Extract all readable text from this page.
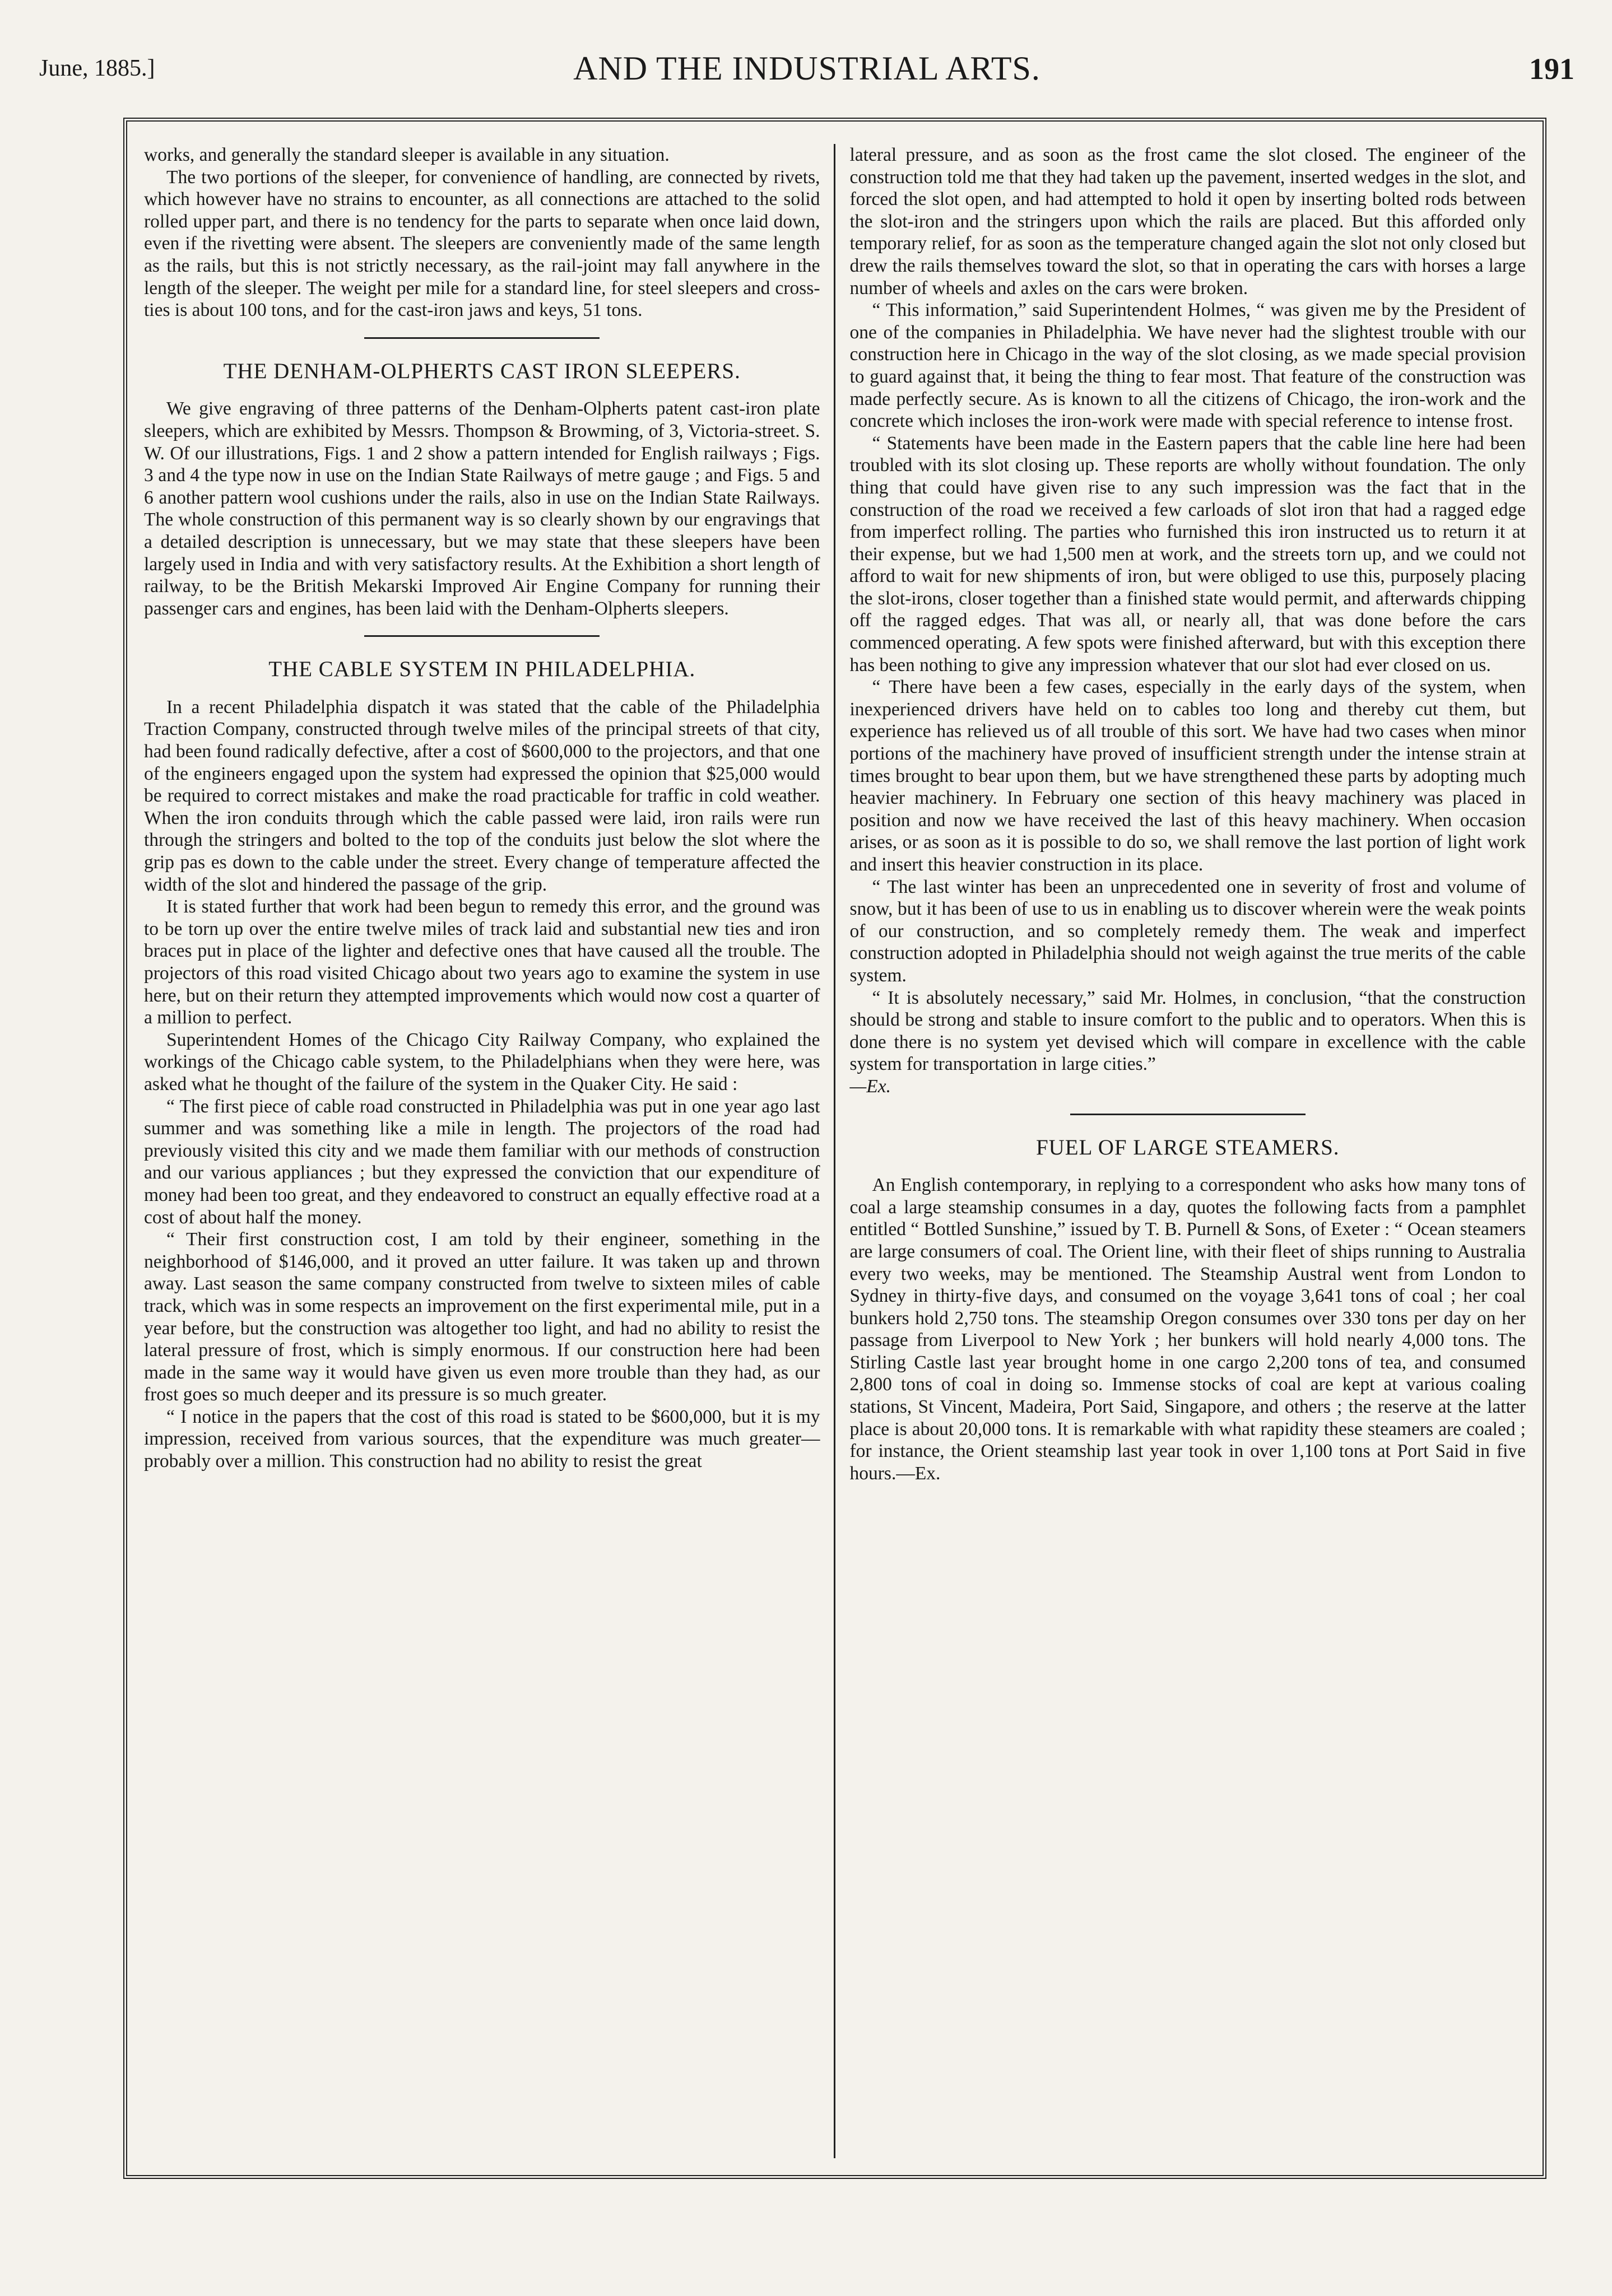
June, 1885.]	AND THE INDUSTRIAL ARTS.	191

works, and generally the standard sleeper is available in any situation.

The two portions of the sleeper, for convenience of handling, are connected by rivets, which however have no strains to encounter, as all connections are attached to the solid rolled upper part, and there is no tendency for the parts to separate when once laid down, even if the rivetting were absent. The sleepers are conveniently made of the same length as the rails, but this is not strictly necessary, as the rail-joint may fall anywhere in the length of the sleeper. The weight per mile for a standard line, for steel sleepers and cross-ties is about 100 tons, and for the cast-iron jaws and keys, 51 tons.

THE DENHAM-OLPHERTS CAST IRON SLEEPERS.

We give engraving of three patterns of the Denham-Olpherts patent cast-iron plate sleepers, which are exhibited by Messrs. Thompson & Browming, of 3, Victoria-street. S. W. Of our illustrations, Figs. 1 and 2 show a pattern intended for English railways ; Figs. 3 and 4 the type now in use on the Indian State Railways of metre gauge ; and Figs. 5 and 6 another pattern wool cushions under the rails, also in use on the Indian State Railways. The whole construction of this permanent way is so clearly shown by our engravings that a detailed description is unnecessary, but we may state that these sleepers have been largely used in India and with very satisfactory results. At the Exhibition a short length of railway, to be the British Mekarski Improved Air Engine Company for running their passenger cars and engines, has been laid with the Denham-Olpherts sleepers.

THE CABLE SYSTEM IN PHILADELPHIA.

In a recent Philadelphia dispatch it was stated that the cable of the Philadelphia Traction Company, constructed through twelve miles of the principal streets of that city, had been found radically defective, after a cost of $600,000 to the projectors, and that one of the engineers engaged upon the system had expressed the opinion that $25,000 would be required to correct mistakes and make the road practicable for traffic in cold weather. When the iron conduits through which the cable passed were laid, iron rails were run through the stringers and bolted to the top of the conduits just below the slot where the grip pas es down to the cable under the street. Every change of temperature affected the width of the slot and hindered the passage of the grip.

It is stated further that work had been begun to remedy this error, and the ground was to be torn up over the entire twelve miles of track laid and substantial new ties and iron braces put in place of the lighter and defective ones that have caused all the trouble. The projectors of this road visited Chicago about two years ago to examine the system in use here, but on their return they attempted improvements which would now cost a quarter of a million to perfect.

Superintendent Homes of the Chicago City Railway Company, who explained the workings of the Chicago cable system, to the Philadelphians when they were here, was asked what he thought of the failure of the system in the Quaker City. He said :

“ The first piece of cable road constructed in Philadelphia was put in one year ago last summer and was something like a mile in length. The projectors of the road had previously visited this city and we made them familiar with our methods of construction and our various appliances ; but they expressed the conviction that our expenditure of money had been too great, and they endeavored to construct an equally effective road at a cost of about half the money.

“ Their first construction cost, I am told by their engineer, something in the neighborhood of $146,000, and it proved an utter failure. It was taken up and thrown away. Last season the same company constructed from twelve to sixteen miles of cable track, which was in some respects an improvement on the first experimental mile, put in a year before, but the construction was altogether too light, and had no ability to resist the lateral pressure of frost, which is simply enormous. If our construction here had been made in the same way it would have given us even more trouble than they had, as our frost goes so much deeper and its pressure is so much greater.

“ I notice in the papers that the cost of this road is stated to be $600,000, but it is my impression, received from various sources, that the expenditure was much greater—probably over a million. This construction had no ability to resist the great

lateral pressure, and as soon as the frost came the slot closed. The engineer of the construction told me that they had taken up the pavement, inserted wedges in the slot, and forced the slot open, and had attempted to hold it open by inserting bolted rods between the slot-iron and the stringers upon which the rails are placed. But this afforded only temporary relief, for as soon as the temperature changed again the slot not only closed but drew the rails themselves toward the slot, so that in operating the cars with horses a large number of wheels and axles on the cars were broken.

“ This information,” said Superintendent Holmes, “ was given me by the President of one of the companies in Philadelphia. We have never had the slightest trouble with our construction here in Chicago in the way of the slot closing, as we made special provision to guard against that, it being the thing to fear most. That feature of the construction was made perfectly secure. As is known to all the citizens of Chicago, the iron-work and the concrete which incloses the iron-work were made with special reference to intense frost.

“ Statements have been made in the Eastern papers that the cable line here had been troubled with its slot closing up. These reports are wholly without foundation. The only thing that could have given rise to any such impression was the fact that in the construction of the road we received a few carloads of slot iron that had a ragged edge from imperfect rolling. The parties who furnished this iron instructed us to return it at their expense, but we had 1,500 men at work, and the streets torn up, and we could not afford to wait for new shipments of iron, but were obliged to use this, purposely placing the slot-irons, closer together than a finished state would permit, and afterwards chipping off the ragged edges. That was all, or nearly all, that was done before the cars commenced operating. A few spots were finished afterward, but with this exception there has been nothing to give any impression whatever that our slot had ever closed on us.

“ There have been a few cases, especially in the early days of the system, when inexperienced drivers have held on to cables too long and thereby cut them, but experience has relieved us of all trouble of this sort. We have had two cases when minor portions of the machinery have proved of insufficient strength under the intense strain at times brought to bear upon them, but we have strengthened these parts by adopting much heavier machinery. In February one section of this heavy machinery was placed in position and now we have received the last of this heavy machinery. When occasion arises, or as soon as it is possible to do so, we shall remove the last portion of light work and insert this heavier construction in its place.

“ The last winter has been an unprecedented one in severity of frost and volume of snow, but it has been of use to us in enabling us to discover wherein were the weak points of our construction, and so completely remedy them. The weak and imperfect construction adopted in Philadelphia should not weigh against the true merits of the cable system.

“ It is absolutely necessary,” said Mr. Holmes, in conclusion, “that the construction should be strong and stable to insure comfort to the public and to operators. When this is done there is no system yet devised which will compare in excellence with the cable system for transportation in large cities.”

—Ex.

FUEL OF LARGE STEAMERS.

An English contemporary, in replying to a correspondent who asks how many tons of coal a large steamship consumes in a day, quotes the following facts from a pamphlet entitled “ Bottled Sunshine,” issued by T. B. Purnell & Sons, of Exeter : “ Ocean steamers are large consumers of coal. The Orient line, with their fleet of ships running to Australia every two weeks, may be mentioned. The Steamship Austral went from London to Sydney in thirty-five days, and consumed on the voyage 3,641 tons of coal ; her coal bunkers hold 2,750 tons. The steamship Oregon consumes over 330 tons per day on her passage from Liverpool to New York ; her bunkers will hold nearly 4,000 tons. The Stirling Castle last year brought home in one cargo 2,200 tons of tea, and consumed 2,800 tons of coal in doing so. Immense stocks of coal are kept at various coaling stations, St Vincent, Madeira, Port Said, Singapore, and others ; the reserve at the latter place is about 20,000 tons. It is remarkable with what rapidity these steamers are coaled ; for instance, the Orient steamship last year took in over 1,100 tons at Port Said in five hours.—Ex.
